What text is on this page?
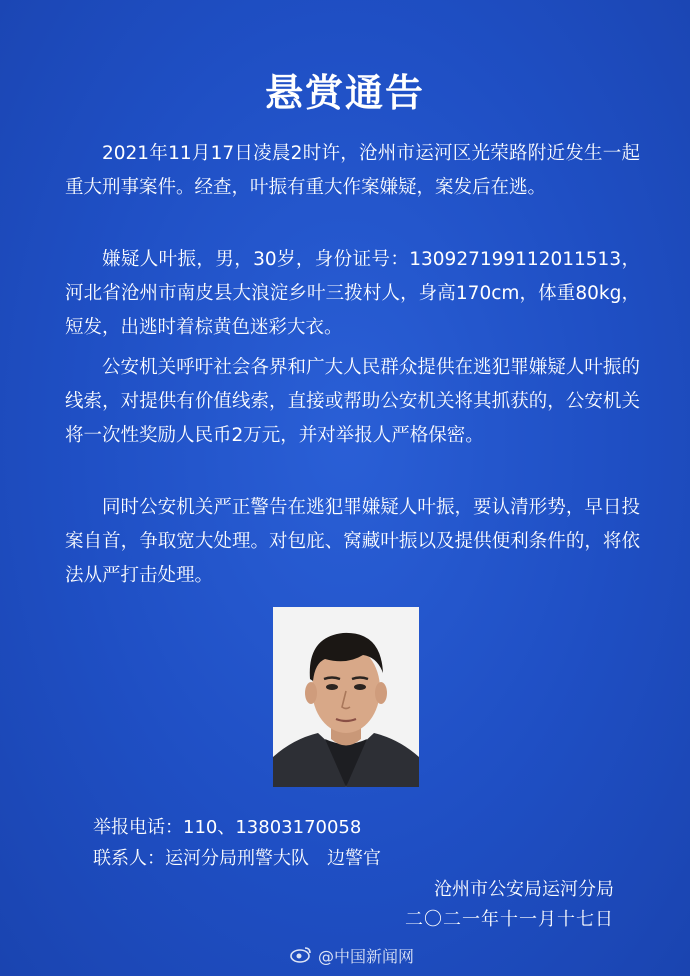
悬赏通告

2021年11月17日凌晨2时许，沧州市运河区光荣路附近发生一起重大刑事案件。经查，叶振有重大作案嫌疑，案发后在逃。

嫌疑人叶振，男，30岁，身份证号：130927199112011513，河北省沧州市南皮县大浪淀乡叶三拨村人，身高170cm，体重80kg，短发，出逃时着棕黄色迷彩大衣。

公安机关呼吁社会各界和广大人民群众提供在逃犯罪嫌疑人叶振的线索，对提供有价值线索，直接或帮助公安机关将其抓获的，公安机关将一次性奖励人民币2万元，并对举报人严格保密。

同时公安机关严正警告在逃犯罪嫌疑人叶振，要认清形势，早日投案自首，争取宽大处理。对包庇、窝藏叶振以及提供便利条件的，将依法从严打击处理。

举报电话：110、13803170058
联系人：运河分局刑警大队　边警官
沧州市公安局运河分局
二〇二一年十一月十七日
@中国新闻网
